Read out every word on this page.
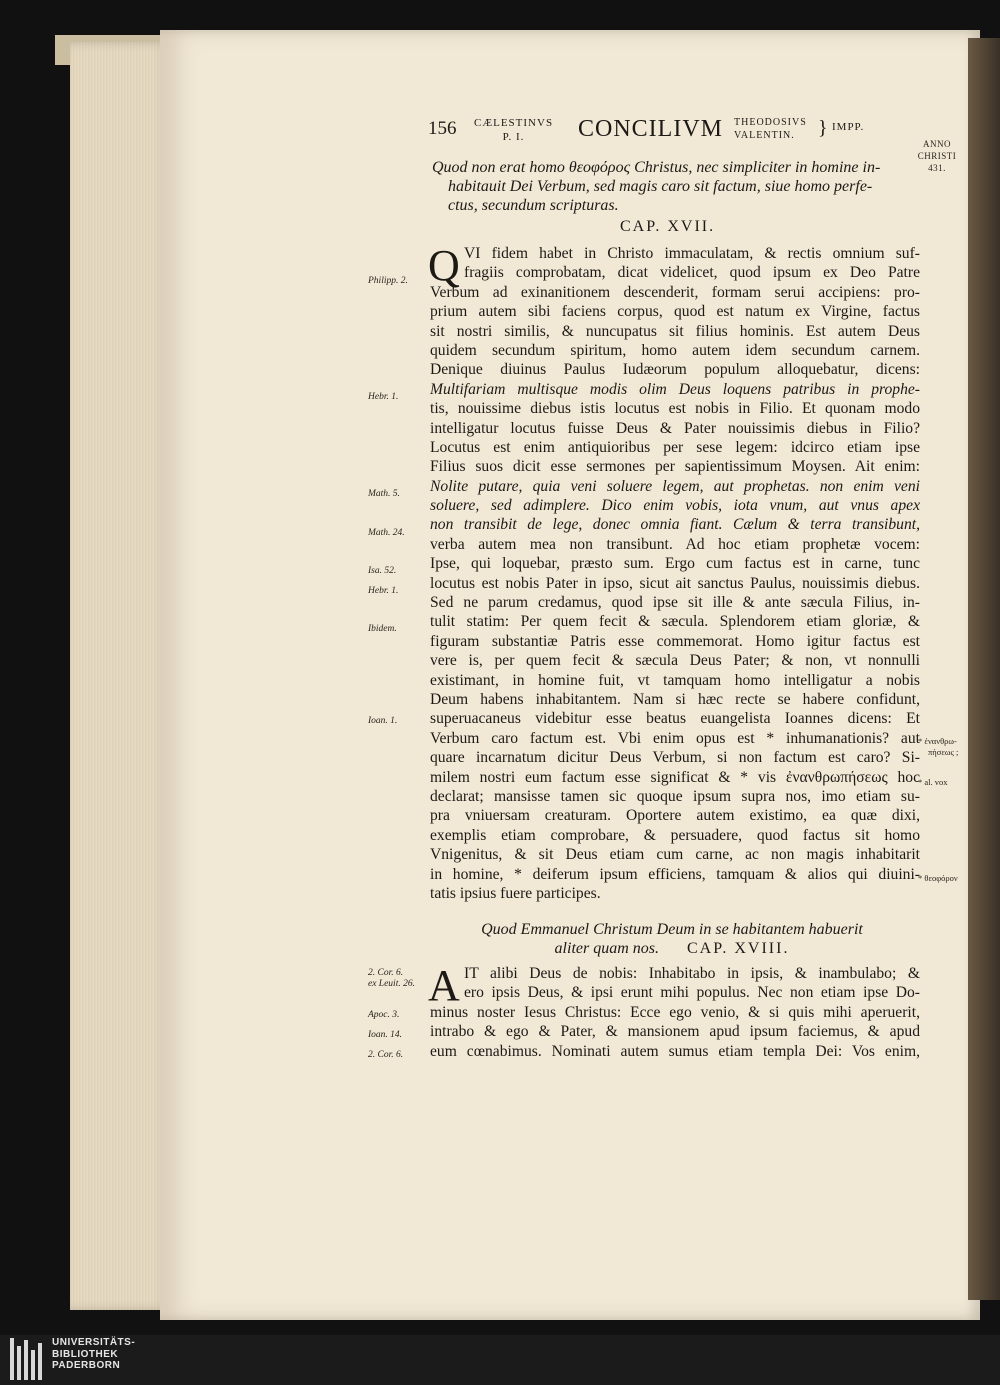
156 CÆLESTINVS
P. I.	CONCILIVM THEODOSIVS
VALENTIN.	} IMPP.
ANNO
CHRISTI
431.
Quod non erat homo θεοφόρος Christus, nec simpliciter in homine in-
habitauit Dei Verbum, sed magis caro sit factum, siue homo perfe-
ctus, secundum scripturas.
CAP. XVII.
Q VI fidem habet in Christo immaculatam, & rectis omnium suf-
fragiis comprobatam, dicat videlicet, quod ipsum ex Deo Patre
Verbum ad exinanitionem descenderit, formam serui accipiens: pro-
prium autem sibi faciens corpus, quod est natum ex Virgine, factus
sit nostri similis, & nuncupatus sit filius hominis. Est autem Deus
quidem secundum spiritum, homo autem idem secundum carnem.
Denique diuinus Paulus Iudæorum populum alloquebatur, dicens:
Multifariam multisque modis olim Deus loquens patribus in prophe-
tis, nouissime diebus istis locutus est nobis in Filio. Et quonam modo
intelligatur locutus fuisse Deus & Pater nouissimis diebus in Filio?
Locutus est enim antiquioribus per sese legem: idcirco etiam ipse
Filius suos dicit esse sermones per sapientissimum Moysen. Ait enim:
Nolite putare, quia veni soluere legem, aut prophetas. non enim veni
soluere, sed adimplere. Dico enim vobis, iota vnum, aut vnus apex
non transibit de lege, donec omnia fiant. Cælum & terra transibunt,
verba autem mea non transibunt. Ad hoc etiam prophetæ vocem:
Ipse, qui loquebar, præsto sum. Ergo cum factus est in carne, tunc
locutus est nobis Pater in ipso, sicut ait sanctus Paulus, nouissimis diebus.
Sed ne parum credamus, quod ipse sit ille & ante sæcula Filius, in-
tulit statim: Per quem fecit & sæcula. Splendorem etiam gloriæ, &
figuram substantiæ Patris esse commemorat. Homo igitur factus est
vere is, per quem fecit & sæcula Deus Pater; & non, vt nonnulli
existimant, in homine fuit, vt tamquam homo intelligatur a nobis
Deum habens inhabitantem. Nam si hæc recte se habere confidunt,
superuacaneus videbitur esse beatus euangelista Ioannes dicens: Et
Verbum caro factum est. Vbi enim opus est * inhumanationis? aut
quare incarnatum dicitur Deus Verbum, si non factum est caro? Si-
milem nostri eum factum esse significat & * vis ἐνανθρωπήσεως hoc
declarat; mansisse tamen sic quoque ipsum supra nos, imo etiam su-
pra vniuersam creaturam. Oportere autem existimo, ea quæ dixi,
exemplis etiam comprobare, & persuadere, quod factus sit homo
Vnigenitus, & sit Deus etiam cum carne, ac non magis inhabitarit
in homine, * deiferum ipsum efficiens, tamquam & alios qui diuini-
tatis ipsius fuere participes.
Quod Emmanuel Christum Deum in se habitantem habuerit
aliter quam nos. CAP. XVIII.
A IT alibi Deus de nobis: Inhabitabo in ipsis, & inambulabo; &
ero ipsis Deus, & ipsi erunt mihi populus. Nec non etiam ipse Do-
minus noster Iesus Christus: Ecce ego venio, & si quis mihi aperuerit,
intrabo & ego & Pater, & mansionem apud ipsum faciemus, & apud
eum cœnabimus. Nominati autem sumus etiam templa Dei: Vos enim,
Philipp. 2.
Hebr. 1.
Math. 5.
Math. 24.
Isa. 52.
Hebr. 1.
Ibidem.
Ioan. 1.
2. Cor. 6.
ex Leuit. 26.
Apoc. 3.
Ioan. 14.
2. Cor. 6.
* ἐνανθρω-
πήσεως ;
* al. vox
* θεοφόρον
UNIVERSITÄTS-
BIBLIOTHEK
PADERBORN
